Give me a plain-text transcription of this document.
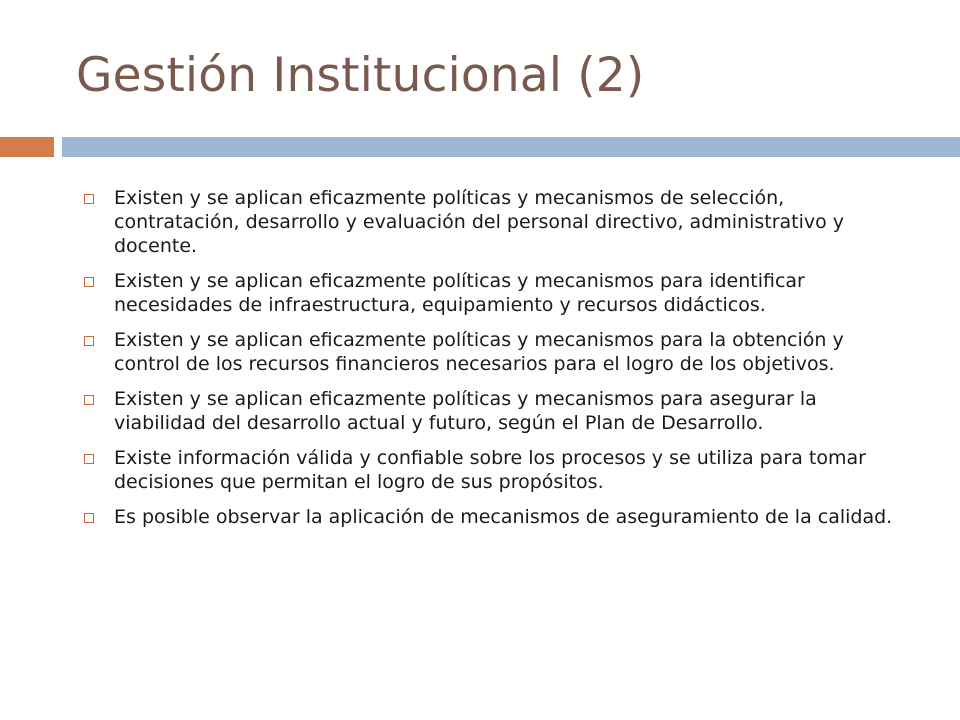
Gestión Institucional (2)
Existen y se aplican eficazmente políticas y mecanismos de selección, contratación, desarrollo y evaluación del personal directivo, administrativo y docente.
Existen y se aplican eficazmente políticas y mecanismos para identificar necesidades de infraestructura, equipamiento y recursos didácticos.
Existen y se aplican eficazmente políticas y mecanismos para la obtención y control de los recursos financieros necesarios para el logro de los objetivos.
Existen y se aplican eficazmente políticas y mecanismos para asegurar la viabilidad del desarrollo actual y futuro, según el Plan de Desarrollo.
Existe información válida y confiable sobre los procesos y se utiliza para tomar decisiones que permitan el logro de sus propósitos.
Es posible observar la aplicación de mecanismos de aseguramiento de la calidad.
